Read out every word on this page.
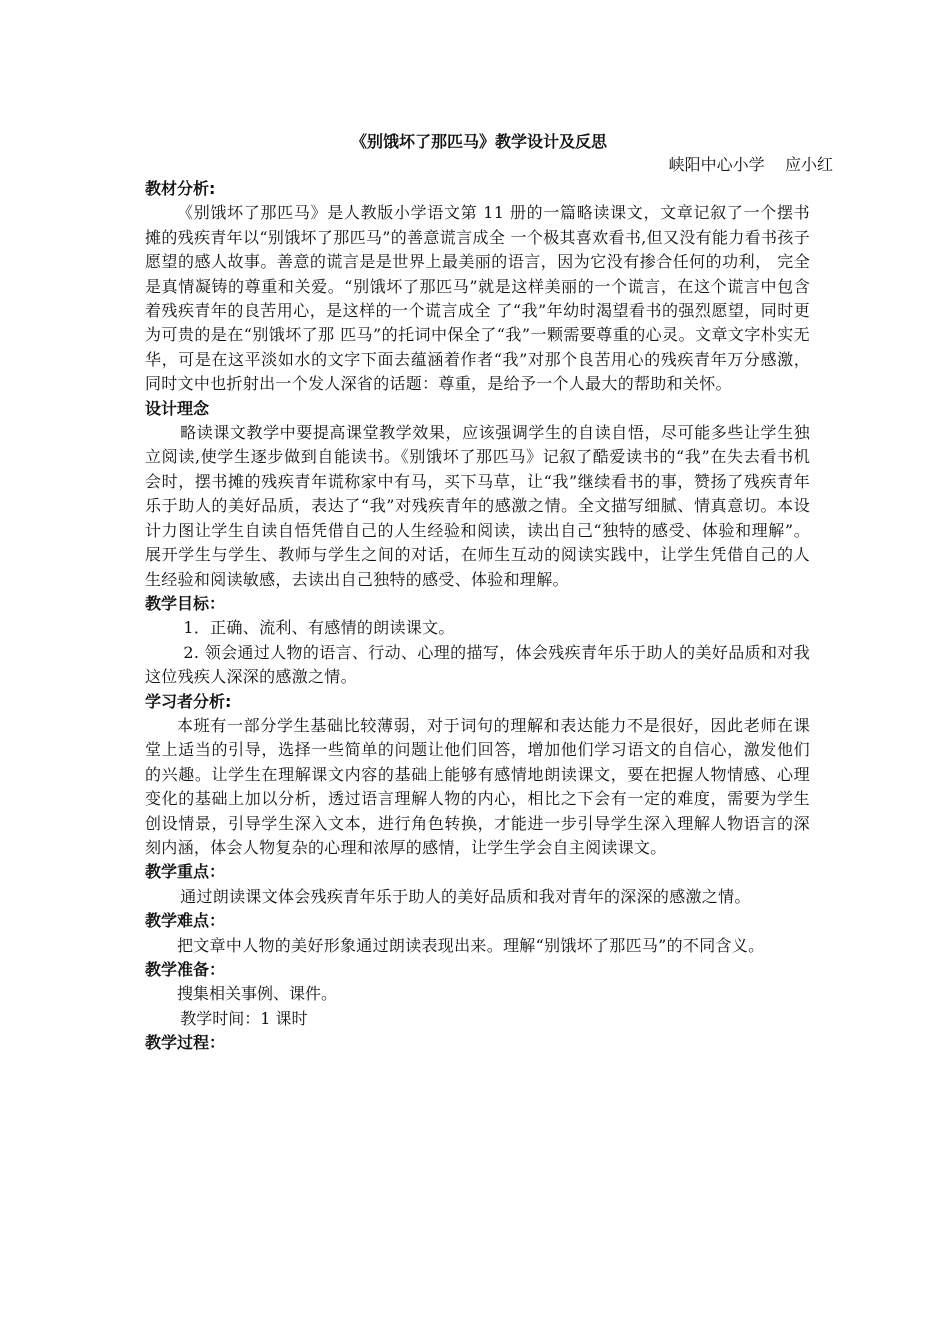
《别饿坏了那匹马》教学设计及反思
峡阳中心小学    应小红
教材分析:

《别饿坏了那匹马》是人教版小学语文第 11 册的一篇略读课文，文章记叙了一个摆书摊的残疾青年以“别饿坏了那匹马”的善意谎言成全 一个极其喜欢看书,但又没有能力看书孩子愿望的感人故事。善意的谎言是是世界上最美丽的语言，因为它没有掺合任何的功利， 完全是真情凝铸的尊重和关爱。“别饿坏了那匹马”就是这样美丽的一个谎言，在这个谎言中包含着残疾青年的良苦用心，是这样的一个谎言成全 了“我”年幼时渴望看书的强烈愿望，同时更为可贵的是在“别饿坏了那 匹马”的托词中保全了“我”一颗需要尊重的心灵。文章文字朴实无华，可是在这平淡如水的文字下面去蕴涵着作者“我”对那个良苦用心的残疾青年万分感激，同时文中也折射出一个发人深省的话题：尊重，是给予一个人最大的帮助和关怀。

设计理念

略读课文教学中要提高课堂教学效果，应该强调学生的自读自悟，尽可能多些让学生独立阅读,使学生逐步做到自能读书。《别饿坏了那匹马》记叙了酷爱读书的“我”在失去看书机会时，摆书摊的残疾青年谎称家中有马，买下马草，让“我”继续看书的事，赞扬了残疾青年乐于助人的美好品质，表达了“我”对残疾青年的感激之情。全文描写细腻、情真意切。本设计力图让学生自读自悟凭借自己的人生经验和阅读，读出自己“独特的感受、体验和理解”。展开学生与学生、教师与学生之间的对话，在师生互动的阅读实践中，让学生凭借自己的人生经验和阅读敏感，去读出自己独特的感受、体验和理解。

教学目标：

1．正确、流利、有感情的朗读课文。

2. 领会通过人物的语言、行动、心理的描写，体会残疾青年乐于助人的美好品质和对我这位残疾人深深的感激之情。

学习者分析:

本班有一部分学生基础比较薄弱，对于词句的理解和表达能力不是很好，因此老师在课堂上适当的引导，选择一些简单的问题让他们回答，增加他们学习语文的自信心，激发他们的兴趣。让学生在理解课文内容的基础上能够有感情地朗读课文，要在把握人物情感、心理变化的基础上加以分析，透过语言理解人物的内心，相比之下会有一定的难度，需要为学生创设情景，引导学生深入文本，进行角色转换，才能进一步引导学生深入理解人物语言的深刻内涵，体会人物复杂的心理和浓厚的感情，让学生学会自主阅读课文。

教学重点：

通过朗读课文体会残疾青年乐于助人的美好品质和我对青年的深深的感激之情。

教学难点：

把文章中人物的美好形象通过朗读表现出来。理解“别饿坏了那匹马”的不同含义。

教学准备：

搜集相关事例、课件。

教学时间：1 课时

教学过程：
